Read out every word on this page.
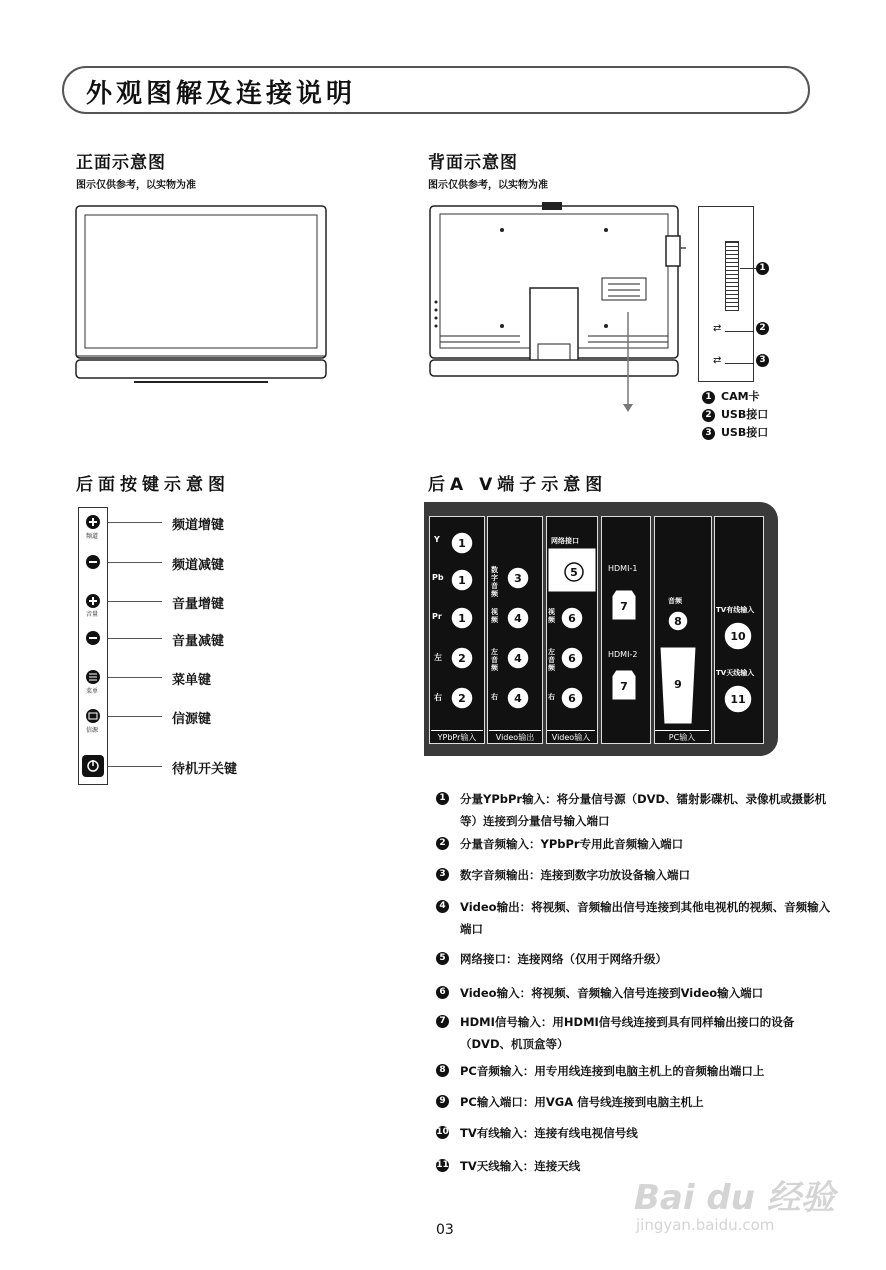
外观图解及连接说明
正面示意图
图示仅供参考，以实物为准
背面示意图
图示仅供参考，以实物为准
⇄
⇄
1
2
3
1 CAM卡
2 USB接口
3 USB接口
后面按键示意图
频道
音量
菜单
信源
频道增键
频道减键
音量增键
音量减键
菜单键
信源键
待机开关键
后A V端子示意图
1
1
1
2
2
3
4
4
4
5
6
6
6
7
7
8
9
10
11
Y
Pb
Pr
左
右
数字音频
视频
左音频
右
网络接口
视频
左音频
右
HDMI-1
HDMI-2
音频
TV有线输入
TV天线输入
YPbPr输入	Video输出	Video输入	PC输入
1 分量YPbPr输入：将分量信号源（DVD、镭射影碟机、录像机或摄影机等）连接到分量信号输入端口
2 分量音频输入：YPbPr专用此音频输入端口
3 数字音频输出：连接到数字功放设备输入端口
4 Video输出：将视频、音频输出信号连接到其他电视机的视频、音频输入端口
5 网络接口：连接网络（仅用于网络升级）
6 Video输入：将视频、音频输入信号连接到Video输入端口
7 HDMI信号输入：用HDMI信号线连接到具有同样输出接口的设备（DVD、机顶盒等）
8 PC音频输入：用专用线连接到电脑主机上的音频输出端口上
9 PC输入端口：用VGA 信号线连接到电脑主机上
10 TV有线输入：连接有线电视信号线
11 TV天线输入：连接天线
03
Bai du 经验
jingyan.baidu.com
